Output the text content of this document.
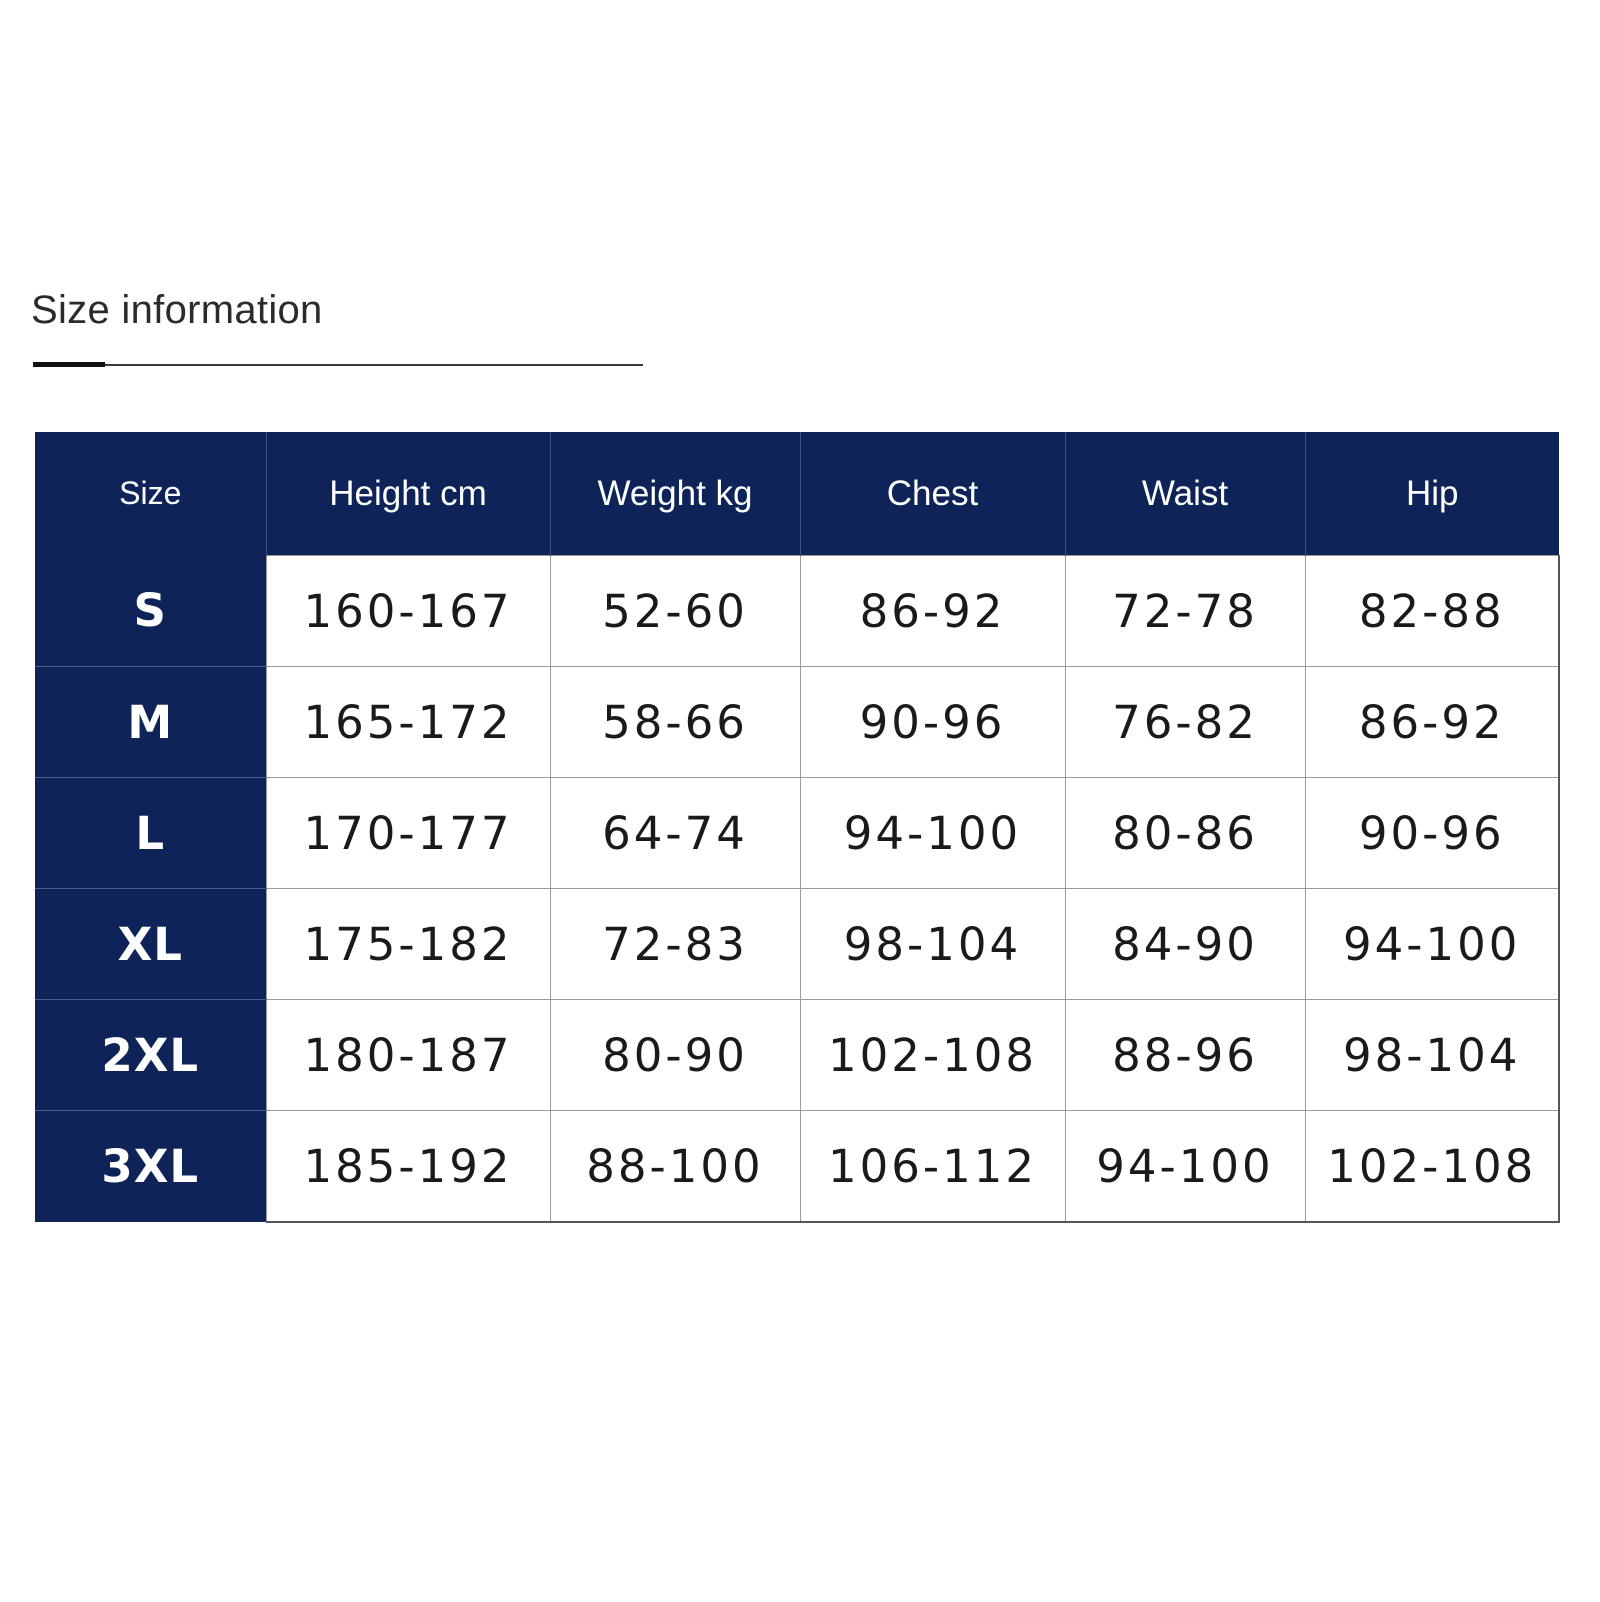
Size information
Size	Height cm	Weight kg	Chest	Waist	Hip
S	160-167	52-60	86-92	72-78	82-88
M	165-172	58-66	90-96	76-82	86-92
L	170-177	64-74	94-100	80-86	90-96
XL	175-182	72-83	98-104	84-90	94-100
2XL	180-187	80-90	102-108	88-96	98-104
3XL	185-192	88-100	106-112	94-100	102-108
